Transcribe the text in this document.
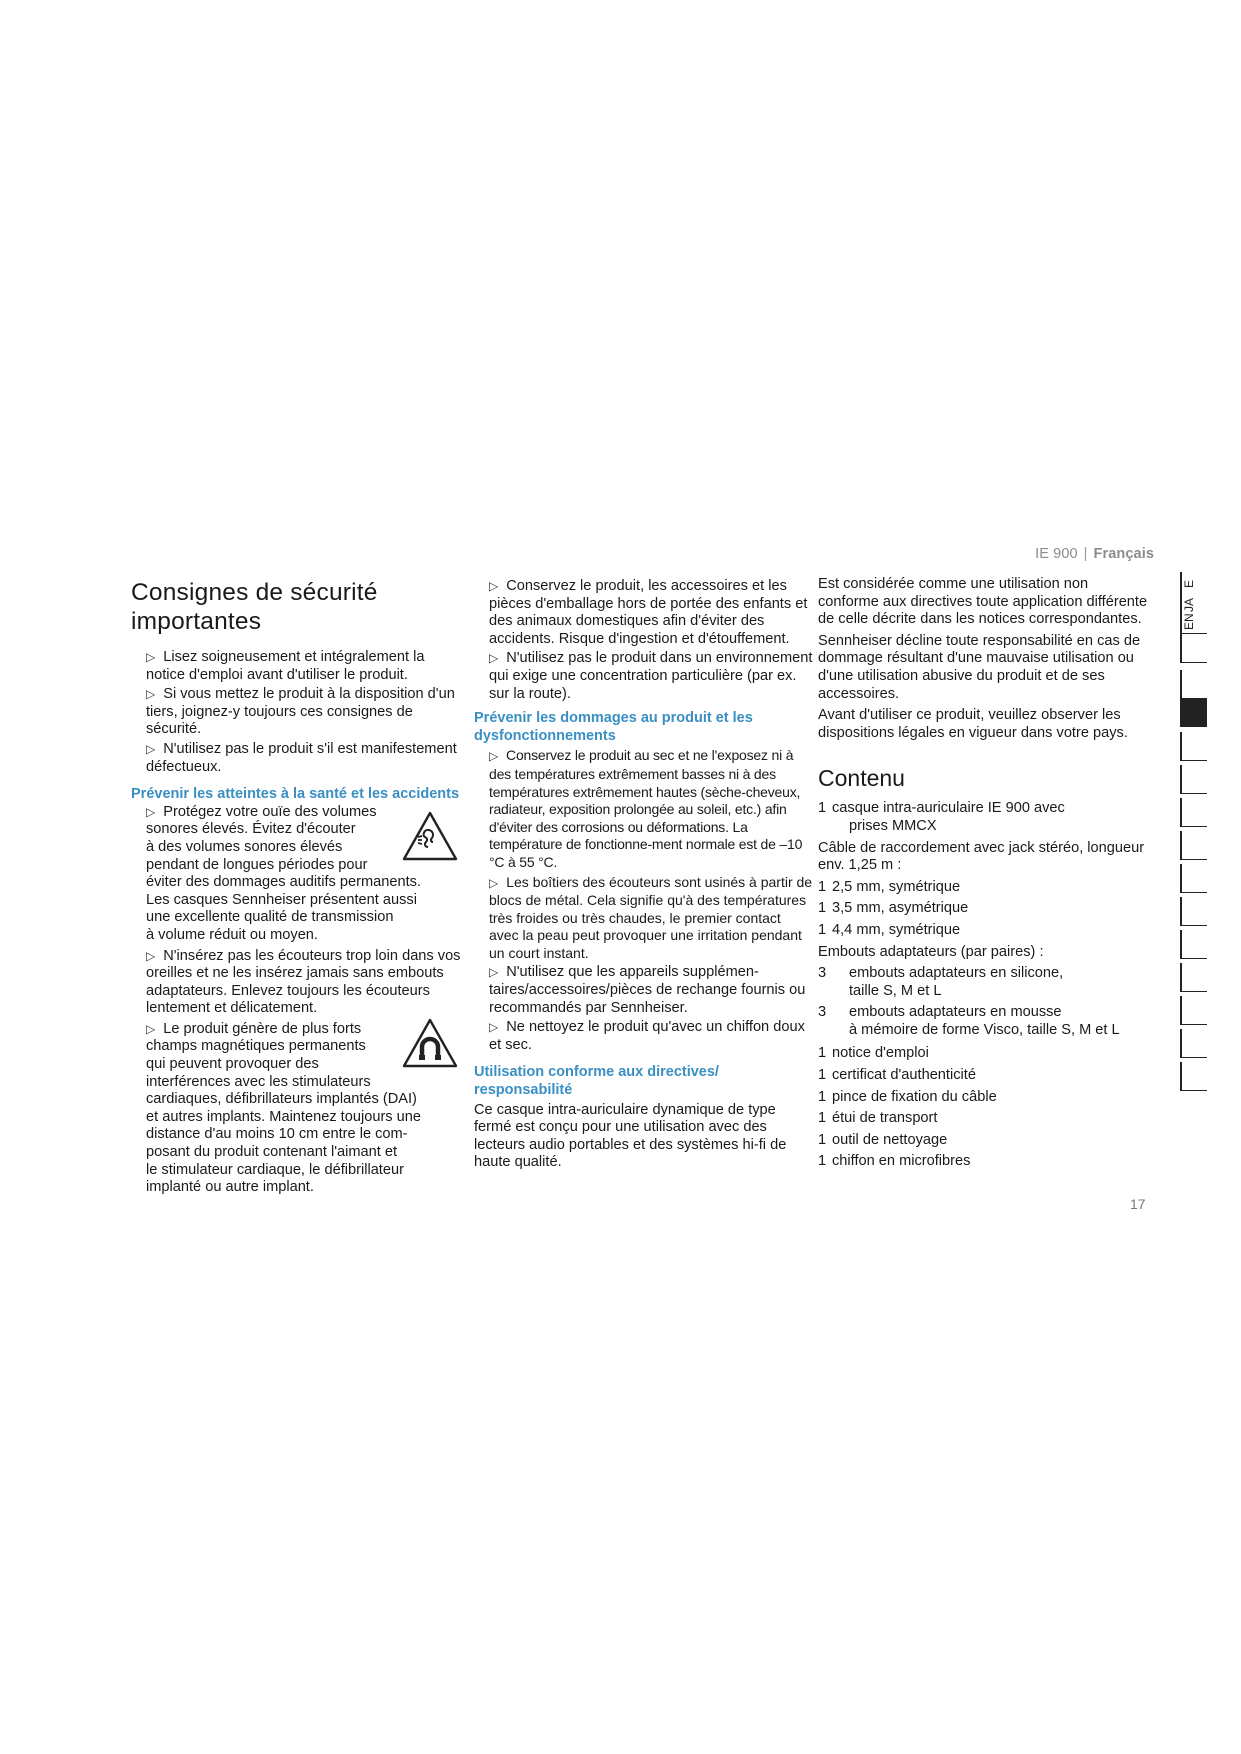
IE 900 | Français
Consignes de sécurité
importantes

▷ Lisez soigneusement et intégralement la notice d'emploi avant d'utiliser le produit.

▷ Si vous mettez le produit à la disposition d'un tiers, joignez-y toujours ces consignes de sécurité.

▷ N'utilisez pas le produit s'il est manifestement défectueux.

Prévenir les atteintes à la santé et les accidents

▷ Protégez votre ouïe des volumes

sonores élevés. Évitez d'écouter

à des volumes sonores élevés

pendant de longues périodes pour

éviter des dommages auditifs permanents.

Les casques Sennheiser présentent aussi

une excellente qualité de transmission

à volume réduit ou moyen.

▷ N'insérez pas les écouteurs trop loin dans vos oreilles et ne les insérez jamais sans embouts adaptateurs. Enlevez toujours les écouteurs lentement et délicatement.

▷ Le produit génère de plus forts

champs magnétiques permanents

qui peuvent provoquer des

interférences avec les stimulateurs

cardiaques, défibrillateurs implantés (DAI)

et autres implants. Maintenez toujours une

distance d'au moins 10 cm entre le com-

posant du produit contenant l'aimant et

le stimulateur cardiaque, le défibrillateur

implanté ou autre implant.

▷ Conservez le produit, les accessoires et les pièces d'emballage hors de portée des enfants et des animaux domestiques afin d'éviter des accidents. Risque d'ingestion et d'étouffement.

▷ N'utilisez pas le produit dans un environnement qui exige une concentration particulière (par ex. sur la route).

Prévenir les dommages au produit et les dysfonctionnements

▷ Conservez le produit au sec et ne l'exposez ni à des températures extrêmement basses ni à des températures extrêmement hautes (sèche-cheveux, radiateur, exposition prolongée au soleil, etc.) afin d'éviter des corrosions ou déformations. La température de fonctionne-ment normale est de –10 °C à 55 °C.

▷ Les boîtiers des écouteurs sont usinés à partir de blocs de métal. Cela signifie qu'à des températures très froides ou très chaudes, le premier contact avec la peau peut provoquer une irritation pendant un court instant.

▷ N'utilisez que les appareils supplémen-taires/accessoires/pièces de rechange fournis ou recommandés par Sennheiser.

▷ Ne nettoyez le produit qu'avec un chiffon doux et sec.

Utilisation conforme aux directives/ responsabilité

Ce casque intra-auriculaire dynamique de type fermé est conçu pour une utilisation avec des lecteurs audio portables et des systèmes hi-fi de haute qualité.

Est considérée comme une utilisation non conforme aux directives toute application différente de celle décrite dans les notices correspondantes.

Sennheiser décline toute responsabilité en cas de dommage résultant d'une mauvaise utilisation ou d'une utilisation abusive du produit et de ses accessoires.

Avant d'utiliser ce produit, veuillez observer les dispositions légales en vigueur dans votre pays.

Contenu
1 casque intra-auriculaire IE 900 avec
prises MMCX

Câble de raccordement avec jack stéréo, longueur env. 1,25 m :

1 2,5 mm, symétrique
1 3,5 mm, asymétrique
1 4,4 mm, symétrique

Embouts adaptateurs (par paires) :

3	embouts adaptateurs en silicone,
taille S, M et L
3	embouts adaptateurs en mousse
à mémoire de forme Visco, taille S, M et L
1 notice d'emploi
1 certificat d'authenticité
1 pince de fixation du câble
1 étui de transport
1 outil de nettoyage
1 chiffon en microfibres
17
EN
JA
E
